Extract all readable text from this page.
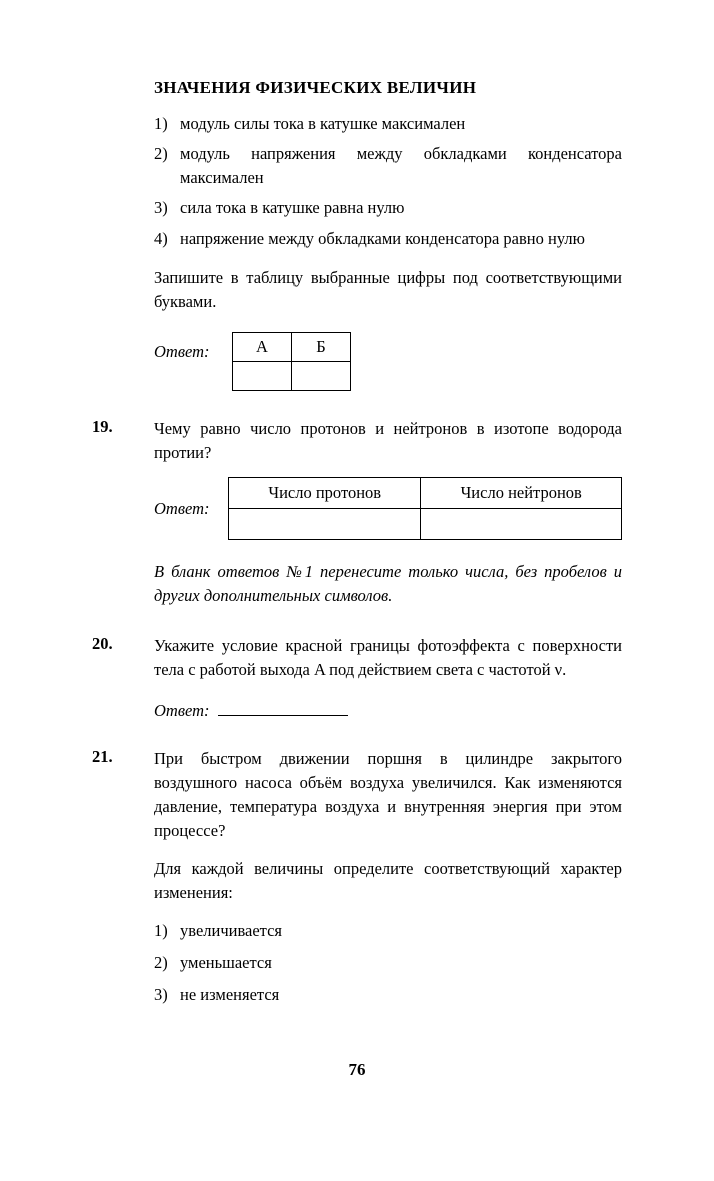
ЗНАЧЕНИЯ ФИЗИЧЕСКИХ ВЕЛИЧИН
1) модуль силы тока в катушке максимален
2) модуль напряжения между обкладками конденсатора максимален
3) сила тока в катушке равна нулю
4) напряжение между обкладками конденсатора равно нулю
Запишите в таблицу выбранные цифры под соответствующими буквами.
Ответ:	А	Б

19.	Чему равно число протонов и нейтронов в изотопе водорода протии?

Ответ:
Число протонов	Число нейтронов

В бланк ответов №1 перенесите только числа, без пробелов и других дополнительных символов.
20.	Укажите условие красной границы фотоэффекта с поверхности тела с работой выхода A под действием света с частотой ν.

Ответ:
21.	При быстром движении поршня в цилиндре закрытого воздушного насоса объём воздуха увеличился. Как изменяются давление, температура воздуха и внутренняя энергия при этом процессе?

Для каждой величины определите соответствующий характер изменения:

1) увеличивается
2) уменьшается
3) не изменяется
76
